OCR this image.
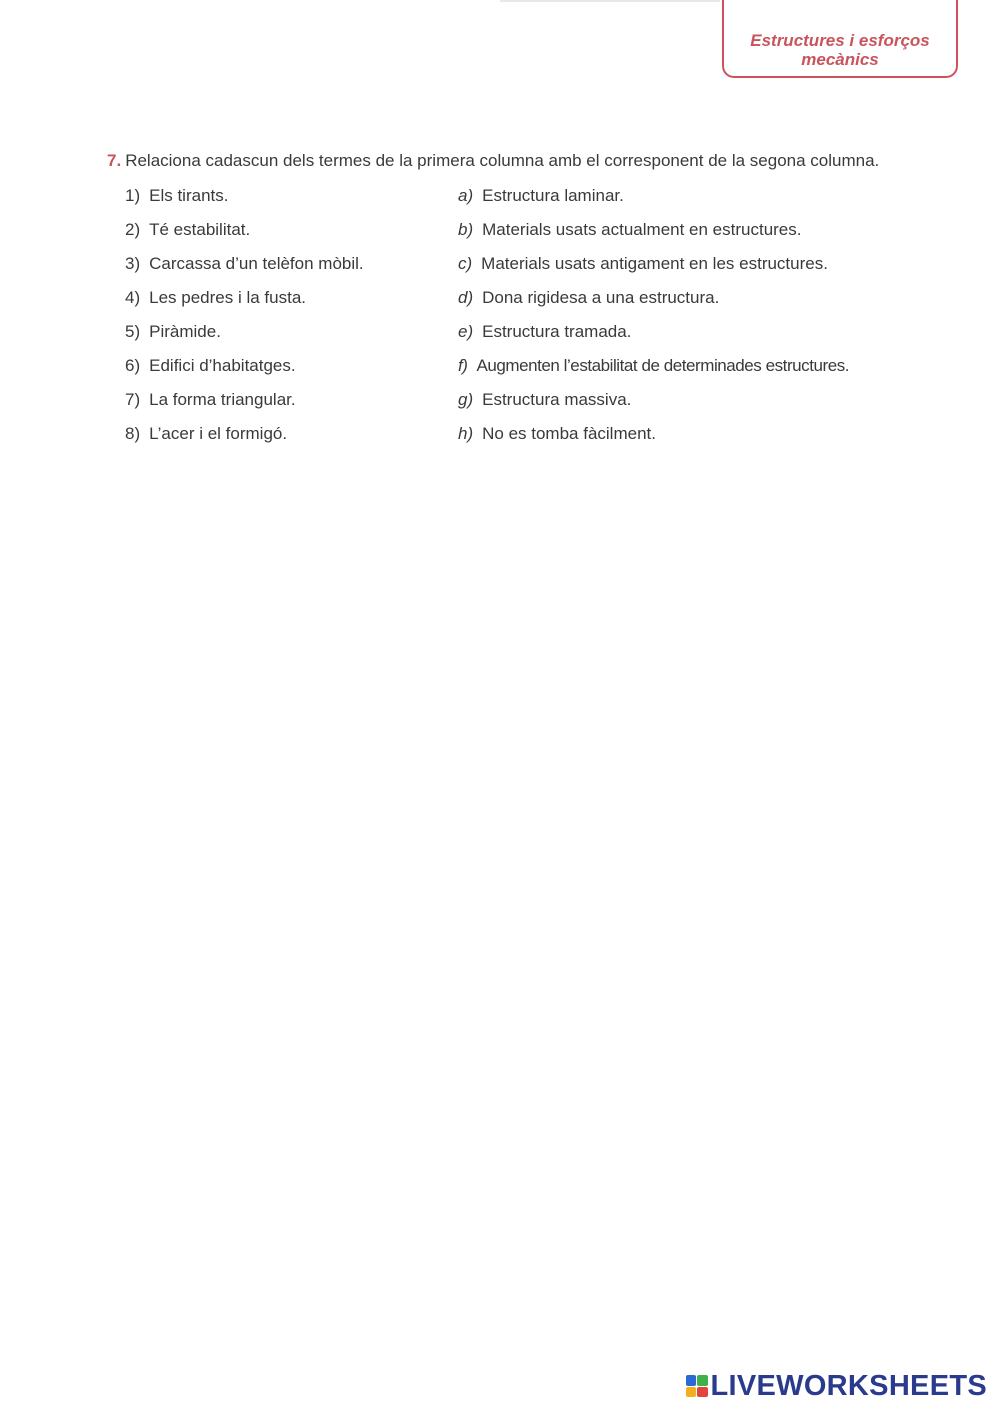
Estructures i esforços
mecànics
7. Relaciona cadascun dels termes de la primera columna amb el corresponent de la segona columna.
1) Els tirants.	a) Estructura laminar.
2) Té estabilitat.	b) Materials usats actualment en estructures.
3) Carcassa d’un telèfon mòbil.	c) Materials usats antigament en les estructures.
4) Les pedres i la fusta.	d) Dona rigidesa a una estructura.
5) Piràmide.	e) Estructura tramada.
6) Edifici d’habitatges.	f) Augmenten l’estabilitat de determinades estructures.
7) La forma triangular.	g) Estructura massiva.
8) L’acer i el formigó.	h) No es tomba fàcilment.
LIVEWORKSHEETS
